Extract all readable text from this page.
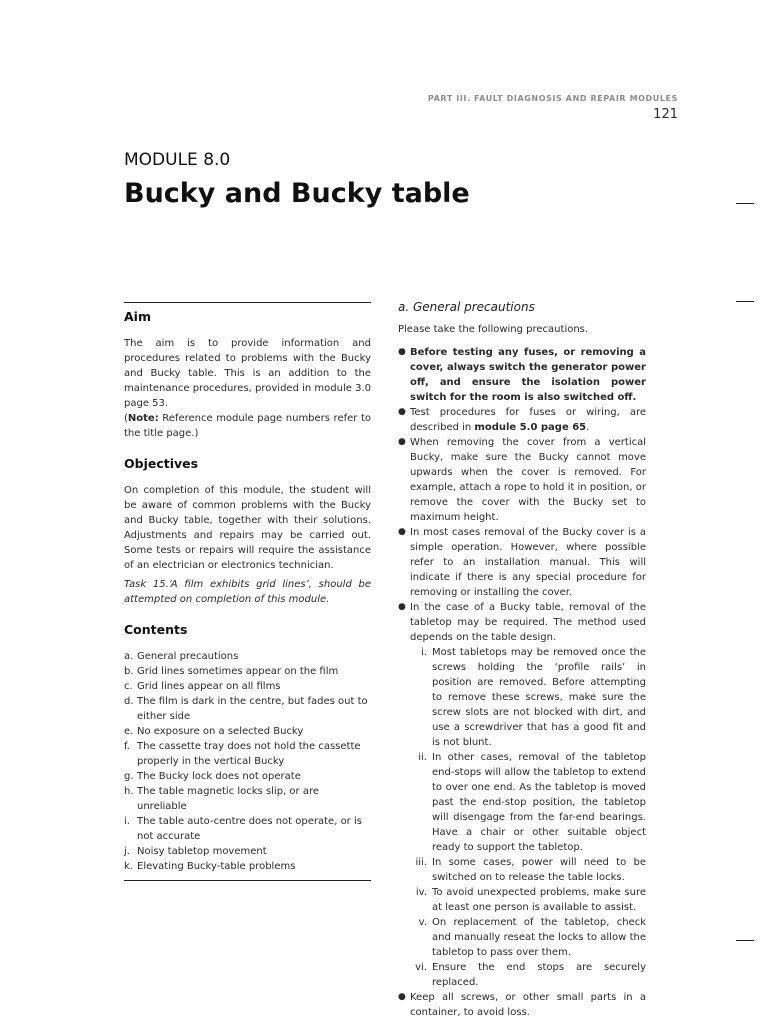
PART III. FAULT DIAGNOSIS AND REPAIR MODULES
121
MODULE 8.0
Bucky and Bucky table
Aim

The aim is to provide information and procedures related to problems with the Bucky and Bucky table. This is an addition to the maintenance procedures, provided in module 3.0 page 53.
(Note: Reference module page numbers refer to the title page.)

Objectives

On completion of this module, the student will be aware of common problems with the Bucky and Bucky table, together with their solutions. Adjustments and repairs may be carried out. Some tests or repairs will require the assistance of an electrician or electronics technician.

Task 15.‘A film exhibits grid lines’, should be attempted on completion of this module.

Contents
a. General precautions
b. Grid lines sometimes appear on the film
c. Grid lines appear on all films
d. The film is dark in the centre, but fades out to either side
e. No exposure on a selected Bucky
f. The cassette tray does not hold the cassette properly in the vertical Bucky
g. The Bucky lock does not operate
h. The table magnetic locks slip, or are unreliable
i. The table auto-centre does not operate, or is not accurate
j. Noisy tabletop movement
k. Elevating Bucky-table problems
a. General precautions

Please take the following precautions.

● Before testing any fuses, or removing a cover, always switch the generator power off, and ensure the isolation power switch for the room is also switched off.
● Test procedures for fuses or wiring, are described in module 5.0 page 65.
● When removing the cover from a vertical Bucky, make sure the Bucky cannot move upwards when the cover is removed. For example, attach a rope to hold it in position, or remove the cover with the Bucky set to maximum height.
● In most cases removal of the Bucky cover is a simple operation. However, where possible refer to an installation manual. This will indicate if there is any special procedure for removing or installing the cover.
● In the case of a Bucky table, removal of the tabletop may be required. The method used depends on the table design.
i. Most tabletops may be removed once the screws holding the ‘profile rails’ in position are removed. Before attempting to remove these screws, make sure the screw slots are not blocked with dirt, and use a screwdriver that has a good fit and is not blunt.
ii. In other cases, removal of the tabletop end-stops will allow the tabletop to extend to over one end. As the tabletop is moved past the end-stop position, the tabletop will disengage from the far-end bearings. Have a chair or other suitable object ready to support the tabletop.
iii. In some cases, power will need to be switched on to release the table locks.
iv. To avoid unexpected problems, make sure at least one person is available to assist.
v. On replacement of the tabletop, check and manually reseat the locks to allow the tabletop to pass over them.
vi. Ensure the end stops are securely replaced.
● Keep all screws, or other small parts in a container, to avoid loss.
